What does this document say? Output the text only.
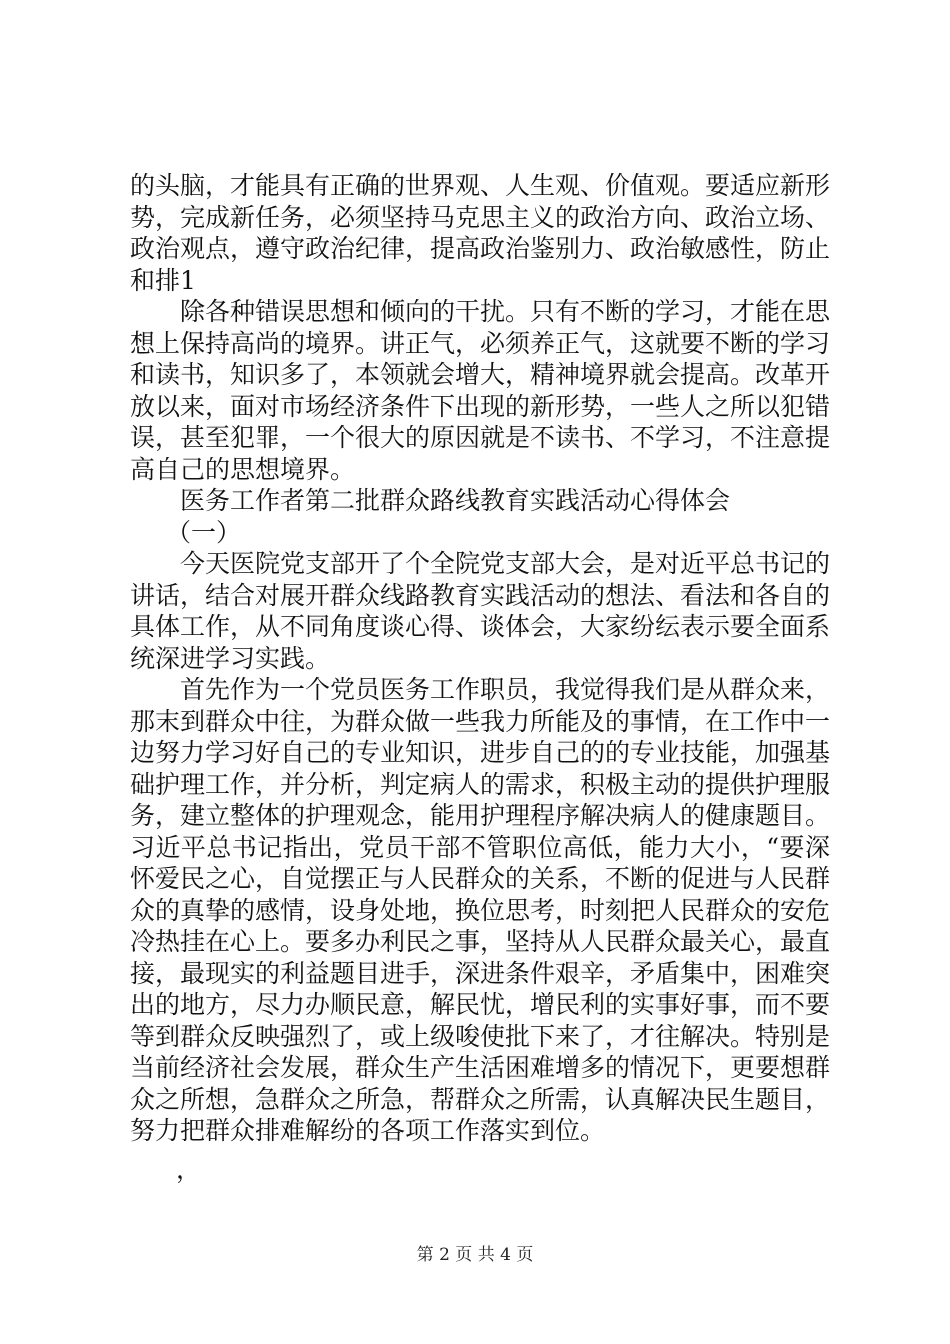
的头脑，才能具有正确的世界观、人生观、价值观。要适应新形势，完成新任务，必须坚持马克思主义的政治方向、政治立场、政治观点，遵守政治纪律，提高政治鉴别力、政治敏感性，防止和排1

除各种错误思想和倾向的干扰。只有不断的学习，才能在思想上保持高尚的境界。讲正气，必须养正气，这就要不断的学习和读书，知识多了，本领就会增大，精神境界就会提高。改革开放以来，面对市场经济条件下出现的新形势，一些人之所以犯错误，甚至犯罪，一个很大的原因就是不读书、不学习，不注意提高自己的思想境界。

医务工作者第二批群众路线教育实践活动心得体会

（一）

今天医院党支部开了个全院党支部大会，是对近平总书记的讲话，结合对展开群众线路教育实践活动的想法、看法和各自的具体工作，从不同角度谈心得、谈体会，大家纷纭表示要全面系统深进学习实践。

首先作为一个党员医务工作职员，我觉得我们是从群众来，那末到群众中往，为群众做一些我力所能及的事情，在工作中一边努力学习好自己的专业知识，进步自己的的专业技能，加强基础护理工作，并分析，判定病人的需求，积极主动的提供护理服务，建立整体的护理观念，能用护理程序解决病人的健康题目。习近平总书记指出，党员干部不管职位高低，能力大小，“要深怀爱民之心，自觉摆正与人民群众的关系，不断的促进与人民群众的真挚的感情，设身处地，换位思考，时刻把人民群众的安危冷热挂在心上。要多办利民之事，坚持从人民群众最关心，最直接，最现实的利益题目进手，深进条件艰辛，矛盾集中，困难突出的地方，尽力办顺民意，解民忧，增民利的实事好事，而不要等到群众反映强烈了，或上级唆使批下来了，才往解决。特别是当前经济社会发展，群众生产生活困难增多的情况下，更要想群众之所想，急群众之所急，帮群众之所需，认真解决民生题目，努力把群众排难解纷的各项工作落实到位。

，
第 2 页 共 4 页
